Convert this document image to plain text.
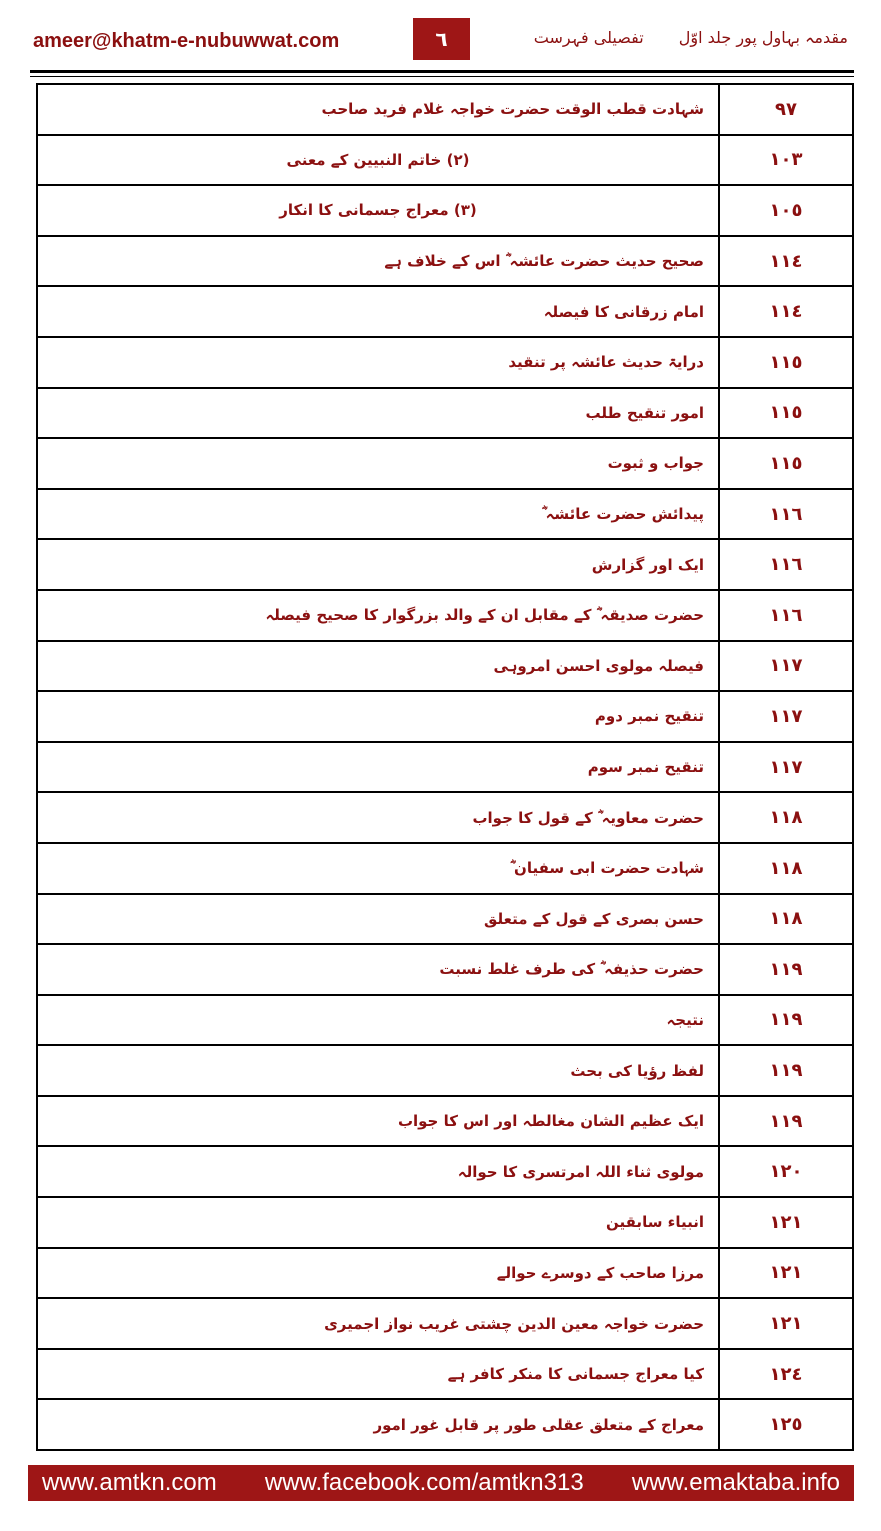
ameer@khatm-e-nubuwwat.com	٦	مقدمہ بہاول پور جلد اوّل تفصیلی فہرست
شہادت قطب الوقت حضرت خواجہ غلام فرید صاحب	٩٧
(٢) خاتم النبیین کے معنی	١٠٣
(٣) معراج جسمانی کا انکار	١٠٥
صحیح حدیث حضرت عائشہ ؓ اس کے خلاف ہے	١١٤
امام زرقانی کا فیصلہ	١١٤
درایۃ حدیث عائشہ پر تنقید	١١٥
امور تنقیح طلب	١١٥
جواب و ثبوت	١١٥
پیدائش حضرت عائشہ ؓ	١١٦
ایک اور گزارش	١١٦
حضرت صدیقہ ؓ کے مقابل ان کے والد بزرگوار کا صحیح فیصلہ	١١٦
فیصلہ مولوی احسن امروہی	١١٧
تنقیح نمبر دوم	١١٧
تنقیح نمبر سوم	١١٧
حضرت معاویہ ؓ کے قول کا جواب	١١٨
شہادت حضرت ابی سفیان ؓ	١١٨
حسن بصری کے قول کے متعلق	١١٨
حضرت حذیفہ ؓ کی طرف غلط نسبت	١١٩
نتیجہ	١١٩
لفظ رؤیا کی بحث	١١٩
ایک عظیم الشان مغالطہ اور اس کا جواب	١١٩
مولوی ثناء اللہ امرتسری کا حوالہ	١٢٠
انبیاء سابقین	١٢١
مرزا صاحب کے دوسرے حوالے	١٢١
حضرت خواجہ معین الدین چشتی غریب نواز اجمیری	١٢١
کیا معراج جسمانی کا منکر کافر ہے	١٢٤
معراج کے متعلق عقلی طور پر قابل غور امور	١٢٥
www.amtkn.com www.facebook.com/amtkn313 www.emaktaba.info
